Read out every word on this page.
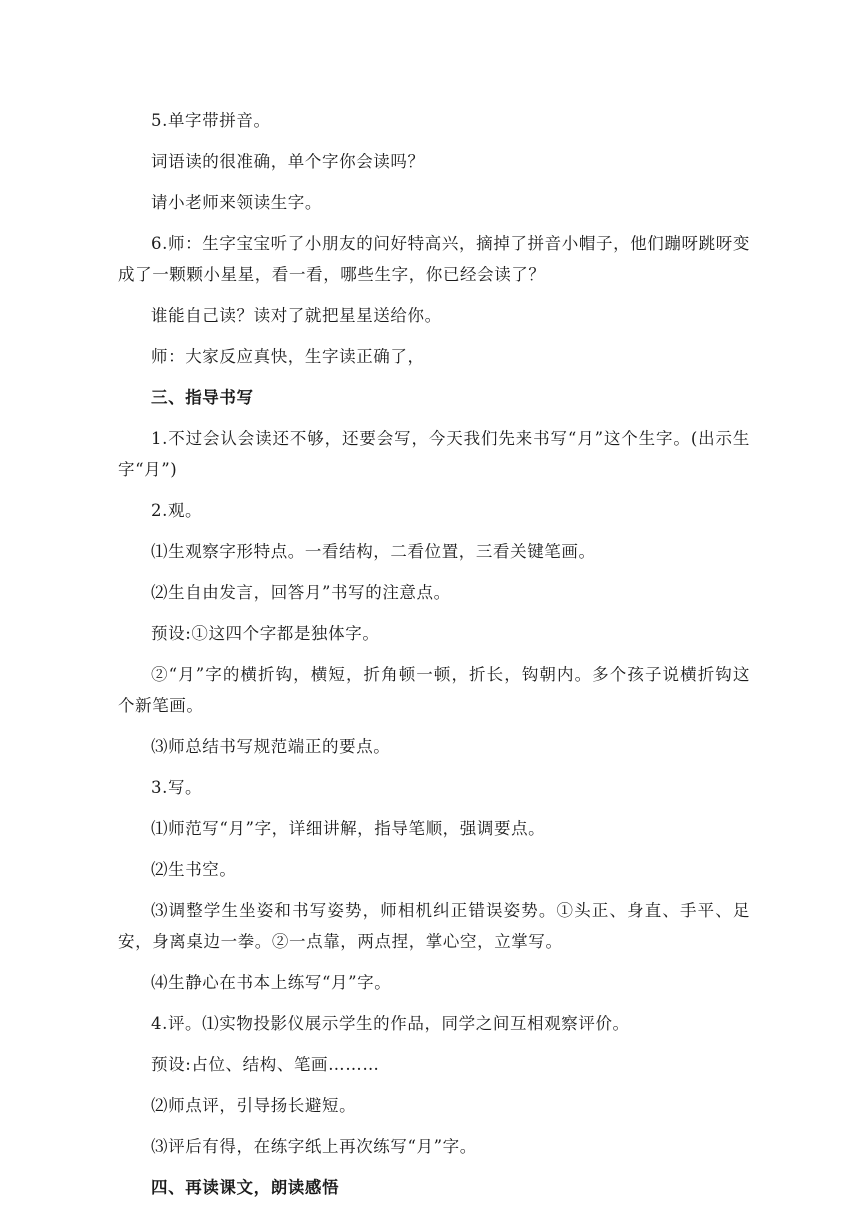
5.单字带拼音。

词语读的很准确，单个字你会读吗？

请小老师来领读生字。

6.师：生字宝宝听了小朋友的问好特高兴，摘掉了拼音小帽子，他们蹦呀跳呀变成了一颗颗小星星，看一看，哪些生字，你已经会读了？

谁能自己读？读对了就把星星送给你。

师：大家反应真快，生字读正确了，

三、指导书写

1.不过会认会读还不够，还要会写，今天我们先来书写“月”这个生字。(出示生字“月”)

2.观。

⑴生观察字形特点。一看结构，二看位置，三看关键笔画。

⑵生自由发言，回答月”书写的注意点。

预设:①这四个字都是独体字。

②“月”字的横折钩，横短，折角顿一顿，折长，钩朝内。多个孩子说横折钩这个新笔画。

⑶师总结书写规范端正的要点。

3.写。

⑴师范写“月”字，详细讲解，指导笔顺，强调要点。

⑵生书空。

⑶调整学生坐姿和书写姿势，师相机纠正错误姿势。①头正、身直、手平、足安，身离桌边一拳。②一点靠，两点捏，掌心空，立掌写。

⑷生静心在书本上练写“月”字。

4.评。⑴实物投影仪展示学生的作品，同学之间互相观察评价。

预设:占位、结构、笔画………

⑵师点评，引导扬长避短。

⑶评后有得，在练字纸上再次练写“月”字。

四、再读课文，朗读感悟
